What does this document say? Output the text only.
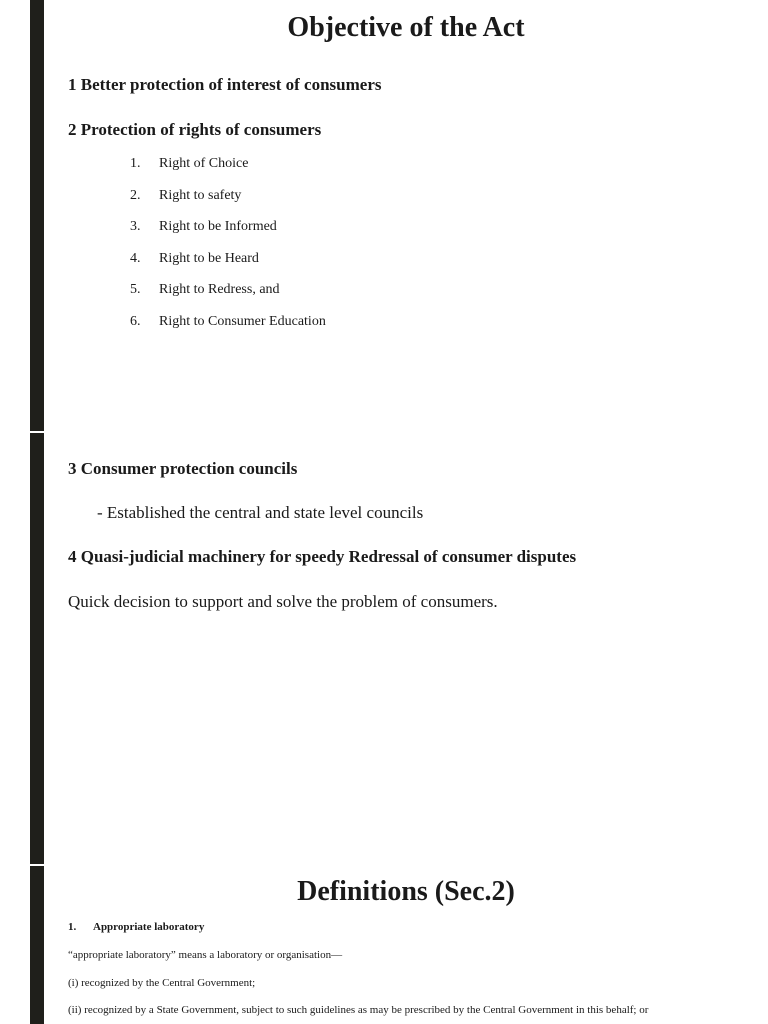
Objective of the Act

1 Better protection of interest of consumers

2 Protection of rights of consumers

1.	Right of Choice
2.	Right to safety
3.	Right to be Informed
4.	Right to be Heard
5.	Right to Redress, and
6.	Right to Consumer Education

3 Consumer protection councils

- Established the central and state level councils

4 Quasi-judicial machinery for speedy Redressal of consumer disputes

Quick decision to support and solve the problem of consumers.

Definitions (Sec.2)

1. Appropriate laboratory

“appropriate laboratory” means a laboratory or organisation—

(i) recognized by the Central Government;

(ii) recognized by a State Government, subject to such guidelines as may be prescribed by the Central Government in this behalf; or
